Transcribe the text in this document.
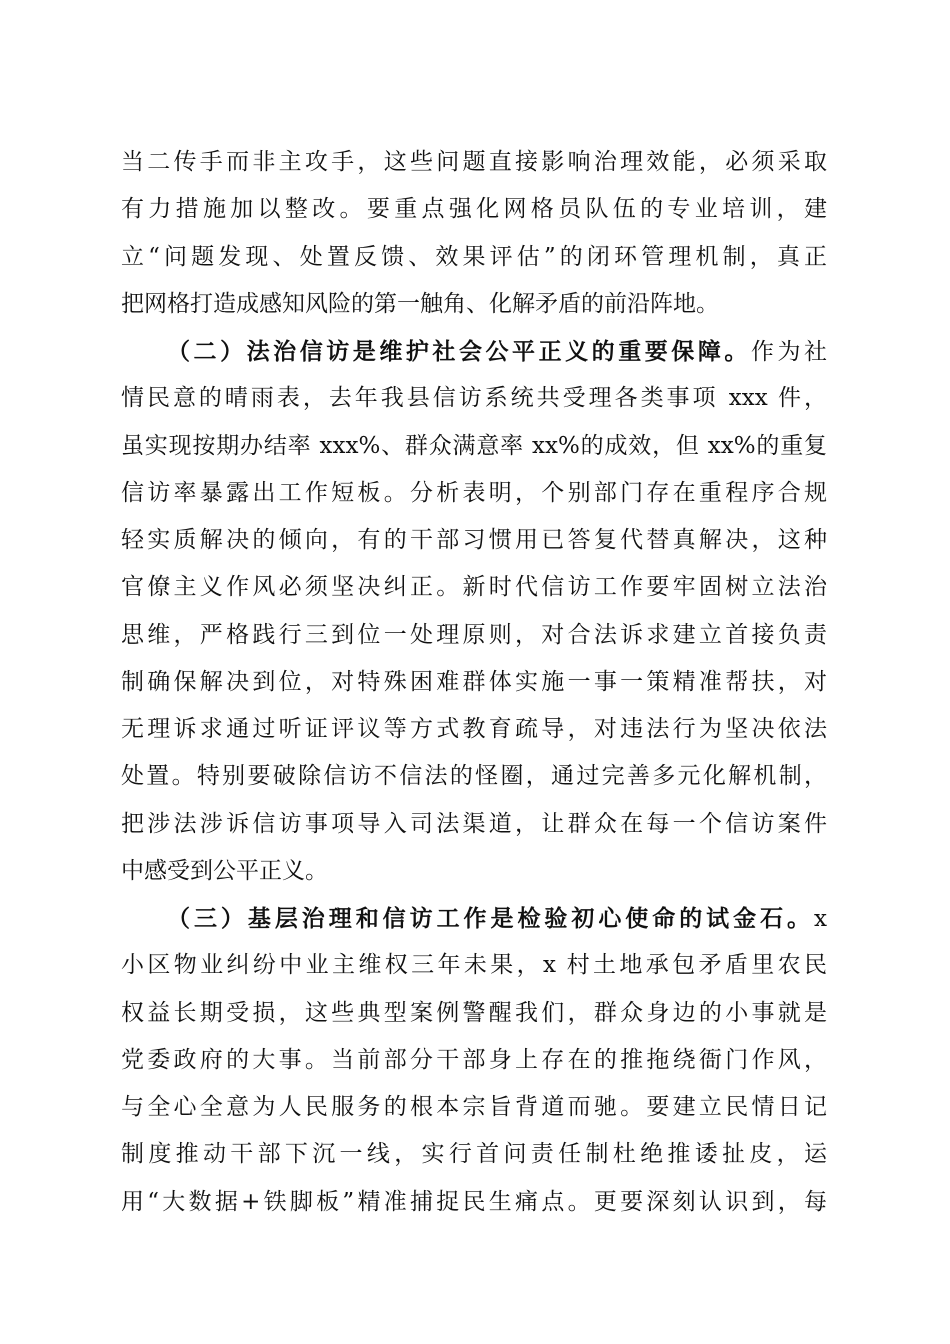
当二传手而非主攻手，这些问题直接影响治理效能，必须采取
有力措施加以整改。要重点强化网格员队伍的专业培训，建
立“问题发现、处置反馈、效果评估”的闭环管理机制，真正
把网格打造成感知风险的第一触角、化解矛盾的前沿阵地。
（二）法治信访是维护社会公平正义的重要保障。作为社
情民意的晴雨表，去年我县信访系统共受理各类事项 xxx 件，
虽实现按期办结率 xxx%、群众满意率 xx%的成效，但 xx%的重复
信访率暴露出工作短板。分析表明，个别部门存在重程序合规
轻实质解决的倾向，有的干部习惯用已答复代替真解决，这种
官僚主义作风必须坚决纠正。新时代信访工作要牢固树立法治
思维，严格践行三到位一处理原则，对合法诉求建立首接负责
制确保解决到位，对特殊困难群体实施一事一策精准帮扶，对
无理诉求通过听证评议等方式教育疏导，对违法行为坚决依法
处置。特别要破除信访不信法的怪圈，通过完善多元化解机制，
把涉法涉诉信访事项导入司法渠道，让群众在每一个信访案件
中感受到公平正义。
（三）基层治理和信访工作是检验初心使命的试金石。x
小区物业纠纷中业主维权三年未果，x 村土地承包矛盾里农民
权益长期受损，这些典型案例警醒我们，群众身边的小事就是
党委政府的大事。当前部分干部身上存在的推拖绕衙门作风，
与全心全意为人民服务的根本宗旨背道而驰。要建立民情日记
制度推动干部下沉一线，实行首问责任制杜绝推诿扯皮，运
用“大数据+铁脚板”精准捕捉民生痛点。更要深刻认识到，每
